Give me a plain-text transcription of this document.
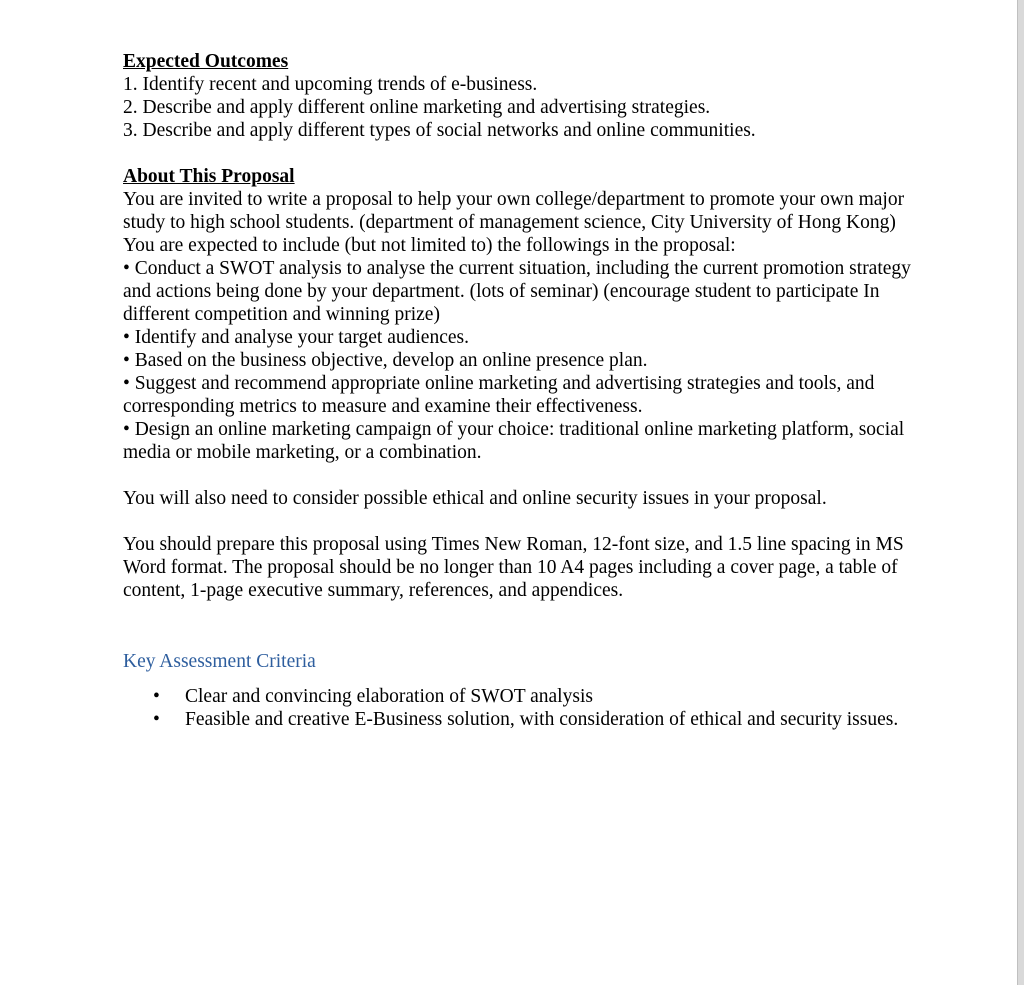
Expected Outcomes
1. Identify recent and upcoming trends of e-business.
2. Describe and apply different online marketing and advertising strategies.
3. Describe and apply different types of social networks and online communities.
About This Proposal
You are invited to write a proposal to help your own college/department to promote your own major study to high school students. (department of management science, City University of Hong Kong) You are expected to include (but not limited to) the followings in the proposal:
• Conduct a SWOT analysis to analyse the current situation, including the current promotion strategy and actions being done by your department. (lots of seminar) (encourage student to participate In different competition and winning prize)
• Identify and analyse your target audiences.
• Based on the business objective, develop an online presence plan.
• Suggest and recommend appropriate online marketing and advertising strategies and tools, and corresponding metrics to measure and examine their effectiveness.
• Design an online marketing campaign of your choice: traditional online marketing platform, social media or mobile marketing, or a combination.
You will also need to consider possible ethical and online security issues in your proposal.
You should prepare this proposal using Times New Roman, 12-font size, and 1.5 line spacing in MS Word format. The proposal should be no longer than 10 A4 pages including a cover page, a table of content, 1-page executive summary, references, and appendices.
Key Assessment Criteria
• Clear and convincing elaboration of SWOT analysis
• Feasible and creative E-Business solution, with consideration of ethical and security issues.
